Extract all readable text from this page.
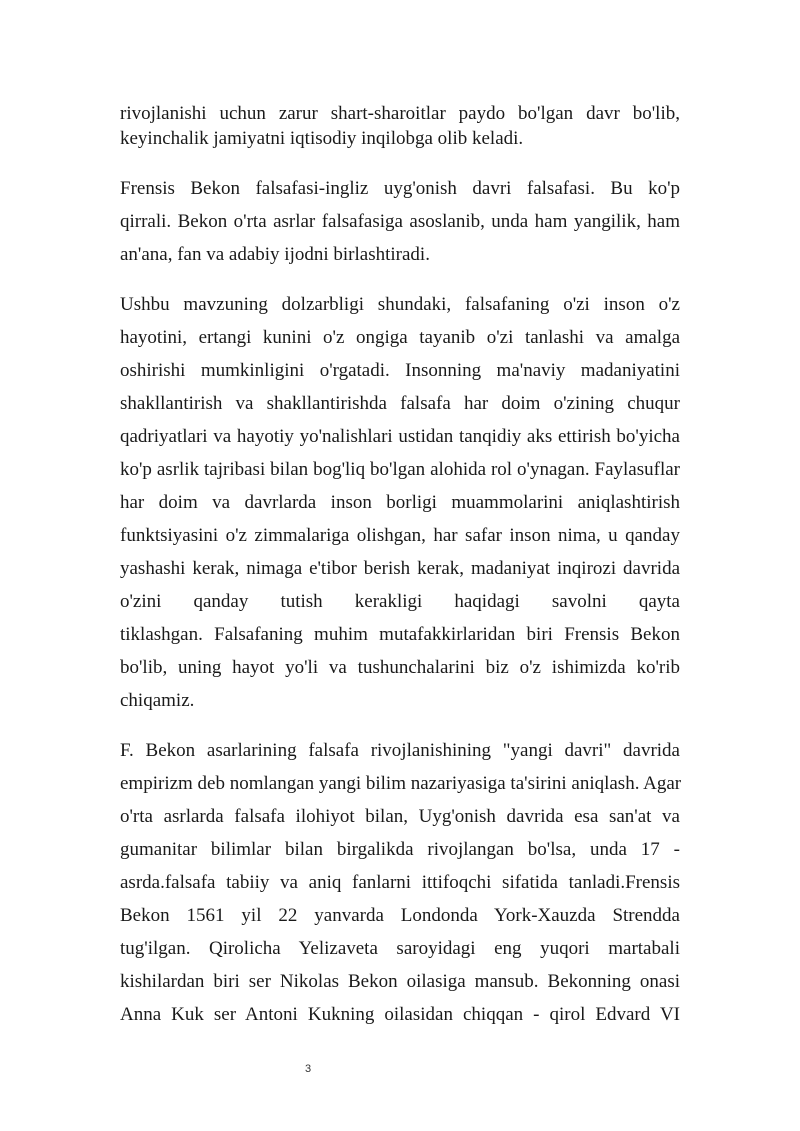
rivojlanishi uchun zarur shart-sharoitlar paydo bo'lgan davr bo'lib,
keyinchalik jamiyatni iqtisodiy inqilobga olib keladi.
Frensis Bekon falsafasi-ingliz uyg'onish davri falsafasi. Bu ko'p
qirrali. Bekon o'rta asrlar falsafasiga asoslanib, unda ham yangilik, ham
an'ana, fan va adabiy ijodni birlashtiradi.
Ushbu mavzuning dolzarbligi shundaki, falsafaning o'zi inson o'z
hayotini, ertangi kunini o'z ongiga tayanib o'zi tanlashi va amalga
oshirishi mumkinligini o'rgatadi. Insonning ma'naviy madaniyatini
shakllantirish va shakllantirishda falsafa har doim o'zining chuqur
qadriyatlari va hayotiy yo'nalishlari ustidan tanqidiy aks ettirish bo'yicha
ko'p asrlik tajribasi bilan bog'liq bo'lgan alohida rol o'ynagan. Faylasuflar
har doim va davrlarda inson borligi muammolarini aniqlashtirish
funktsiyasini o'z zimmalariga olishgan, har safar inson nima, u qanday
yashashi kerak, nimaga e'tibor berish kerak, madaniyat inqirozi davrida
o'zini qanday tutish kerakligi haqidagi savolni qayta
tiklashgan. Falsafaning muhim mutafakkirlaridan biri Frensis Bekon
bo'lib, uning hayot yo'li va tushunchalarini biz o'z ishimizda ko'rib
chiqamiz.
F. Bekon asarlarining falsafa rivojlanishining "yangi davri" davrida
empirizm deb nomlangan yangi bilim nazariyasiga ta'sirini aniqlash. Agar
o'rta asrlarda falsafa ilohiyot bilan, Uyg'onish davrida esa san'at va
gumanitar bilimlar bilan birgalikda rivojlangan bo'lsa, unda 17 -
asrda.falsafa tabiiy va aniq fanlarni ittifoqchi sifatida tanladi.Frensis
Bekon 1561 yil 22 yanvarda Londonda York-Xauzda Strendda
tug'ilgan. Qirolicha Yelizaveta saroyidagi eng yuqori martabali
kishilardan biri ser Nikolas Bekon oilasiga mansub. Bekonning onasi
Anna Kuk ser Antoni Kukning oilasidan chiqqan - qirol Edvard VI
3
